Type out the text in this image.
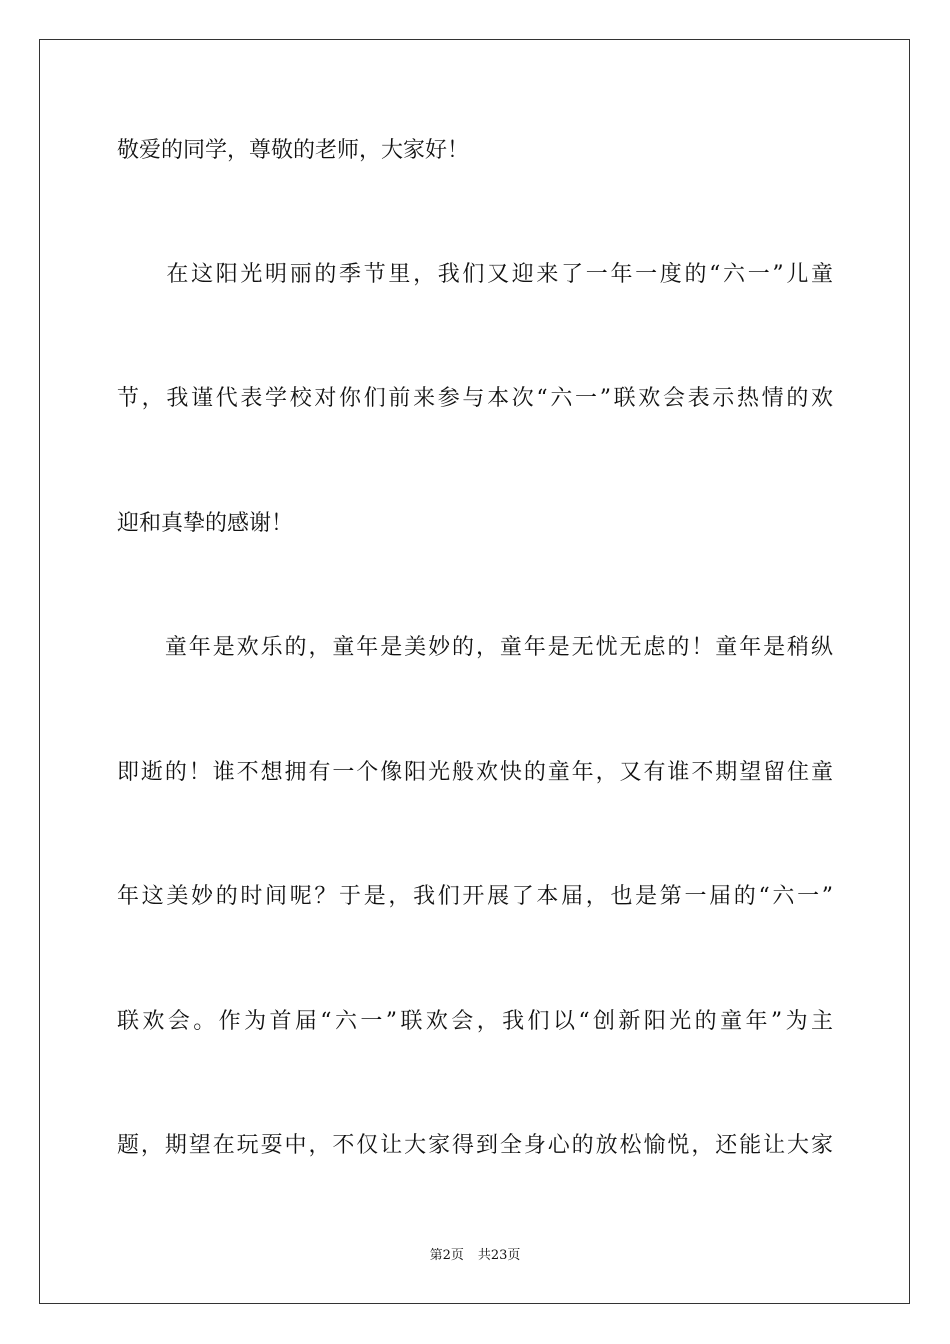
敬爱的同学，尊敬的老师，大家好！
　　在这阳光明丽的季节里，我们又迎来了一年一度的“六一”儿童
节，我谨代表学校对你们前来参与本次“六一”联欢会表示热情的欢
迎和真挚的感谢！
　　童年是欢乐的，童年是美妙的，童年是无忧无虑的！童年是稍纵
即逝的！谁不想拥有一个像阳光般欢快的童年，又有谁不期望留住童
年这美妙的时间呢？于是，我们开展了本届，也是第一届的“六一”
联欢会。作为首届“六一”联欢会，我们以“创新阳光的童年”为主
题，期望在玩耍中，不仅让大家得到全身心的放松愉悦，还能让大家
第2页 共23页
